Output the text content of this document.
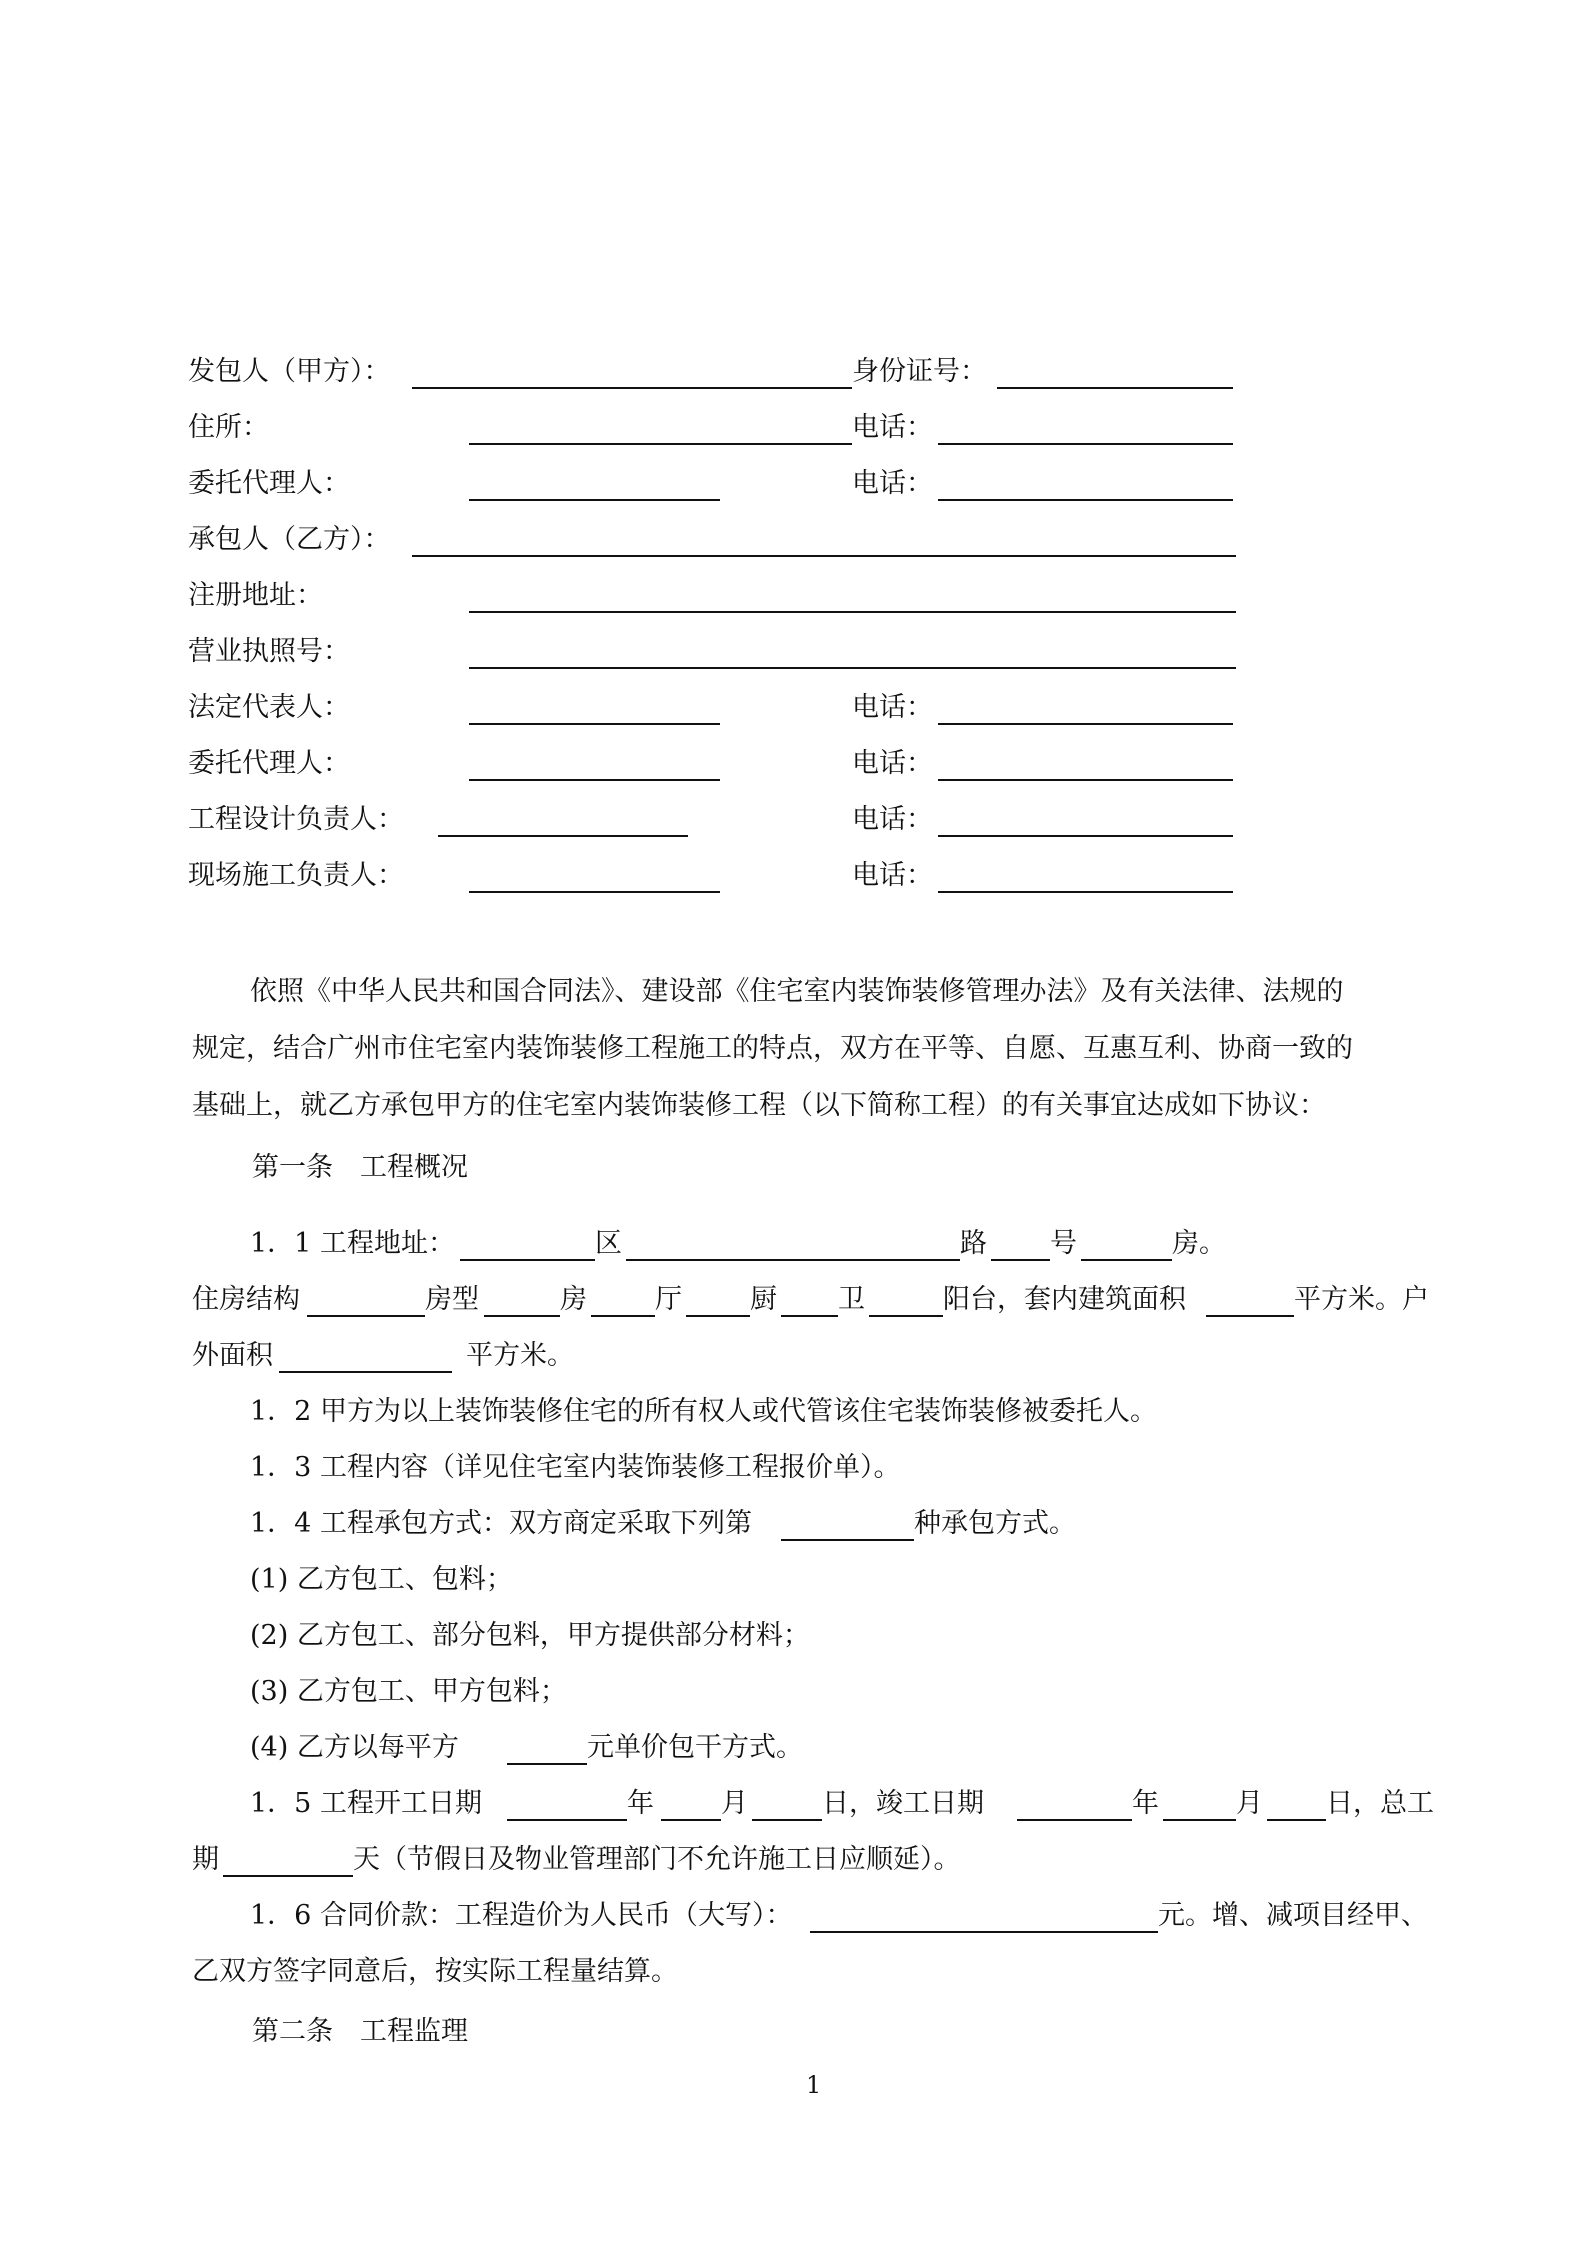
发包人（甲方）：	身份证号：
住所：	电话：
委托代理人：	电话：
承包人（乙方）：
注册地址：
营业执照号：
法定代表人：	电话：
委托代理人：	电话：
工程设计负责人：	电话：
现场施工负责人：	电话：
依照《中华人民共和国合同法》、建设部《住宅室内装饰装修管理办法》及有关法律、法规的
规定，结合广州市住宅室内装饰装修工程施工的特点，双方在平等、自愿、互惠互利、协商一致的
基础上，就乙方承包甲方的住宅室内装饰装修工程（以下简称工程）的有关事宜达成如下协议：
第一条　工程概况
1．1 工程地址：	区	路 号	房。
住房结构	房型	房	厅	厨 卫	阳台，套内建筑面积	平方米。户
外面积	平方米。
1．2 甲方为以上装饰装修住宅的所有权人或代管该住宅装饰装修被委托人。
1．3 工程内容（详见住宅室内装饰装修工程报价单）。
1．4 工程承包方式：双方商定采取下列第	种承包方式。
(1) 乙方包工、包料；
(2) 乙方包工、部分包料，甲方提供部分材料；
(3) 乙方包工、甲方包料；
(4) 乙方以每平方	元单价包干方式。
1．5 工程开工日期	年 月	日，竣工日期	年	月 日，总工
期	天（节假日及物业管理部门不允许施工日应顺延）。
1．6 合同价款：工程造价为人民币（大写）：	元。增、减项目经甲、
乙双方签字同意后，按实际工程量结算。
第二条　工程监理
1
